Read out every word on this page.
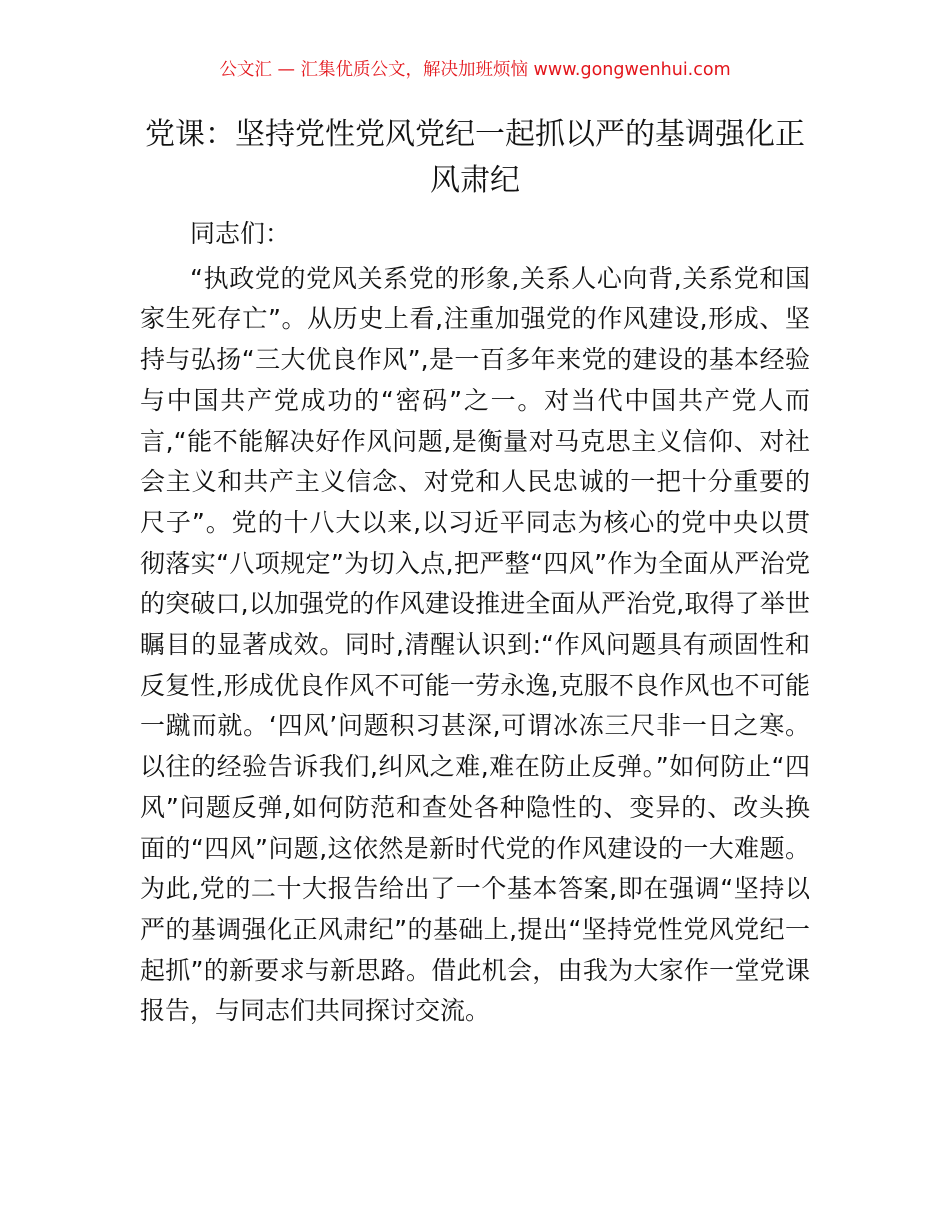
公文汇 — 汇集优质公文，解决加班烦恼 www.gongwenhui.com
党课：坚持党性党风党纪一起抓以严的基调强化正风肃纪

同志们：

“执政党的党风关系党的形象,关系人心向背,关系党和国家生死存亡”。从历史上看,注重加强党的作风建设,形成、坚持与弘扬“三大优良作风”,是一百多年来党的建设的基本经验与中国共产党成功的“密码”之一。对当代中国共产党人而言,“能不能解决好作风问题,是衡量对马克思主义信仰、对社会主义和共产主义信念、对党和人民忠诚的一把十分重要的尺子”。党的十八大以来,以习近平同志为核心的党中央以贯彻落实“八项规定”为切入点,把严整“四风”作为全面从严治党的突破口,以加强党的作风建设推进全面从严治党,取得了举世瞩目的显著成效。同时,清醒认识到:“作风问题具有顽固性和反复性,形成优良作风不可能一劳永逸,克服不良作风也不可能一蹴而就。‘四风’问题积习甚深,可谓冰冻三尺非一日之寒。以往的经验告诉我们,纠风之难,难在防止反弹。”如何防止“四风”问题反弹,如何防范和查处各种隐性的、变异的、改头换面的“四风”问题,这依然是新时代党的作风建设的一大难题。为此,党的二十大报告给出了一个基本答案,即在强调“坚持以严的基调强化正风肃纪”的基础上,提出“坚持党性党风党纪一起抓”的新要求与新思路。借此机会，由我为大家作一堂党课报告，与同志们共同探讨交流。
